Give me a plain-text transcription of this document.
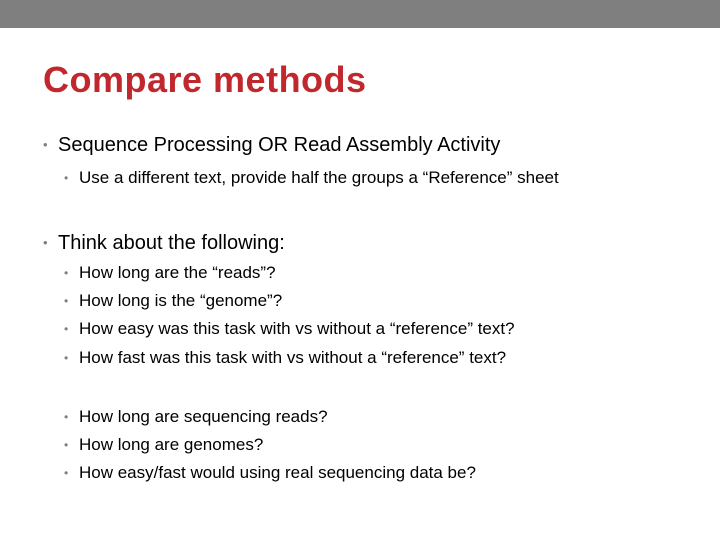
Compare methods
• Sequence Processing OR Read Assembly Activity
• Use a different text, provide half the groups a “Reference” sheet
• Think about the following:
• How long are the “reads”?
• How long is the “genome”?
• How easy was this task with vs without a “reference” text?
• How fast was this task with vs without a “reference” text?
• How long are sequencing reads?
• How long are genomes?
• How easy/fast would using real sequencing data be?
